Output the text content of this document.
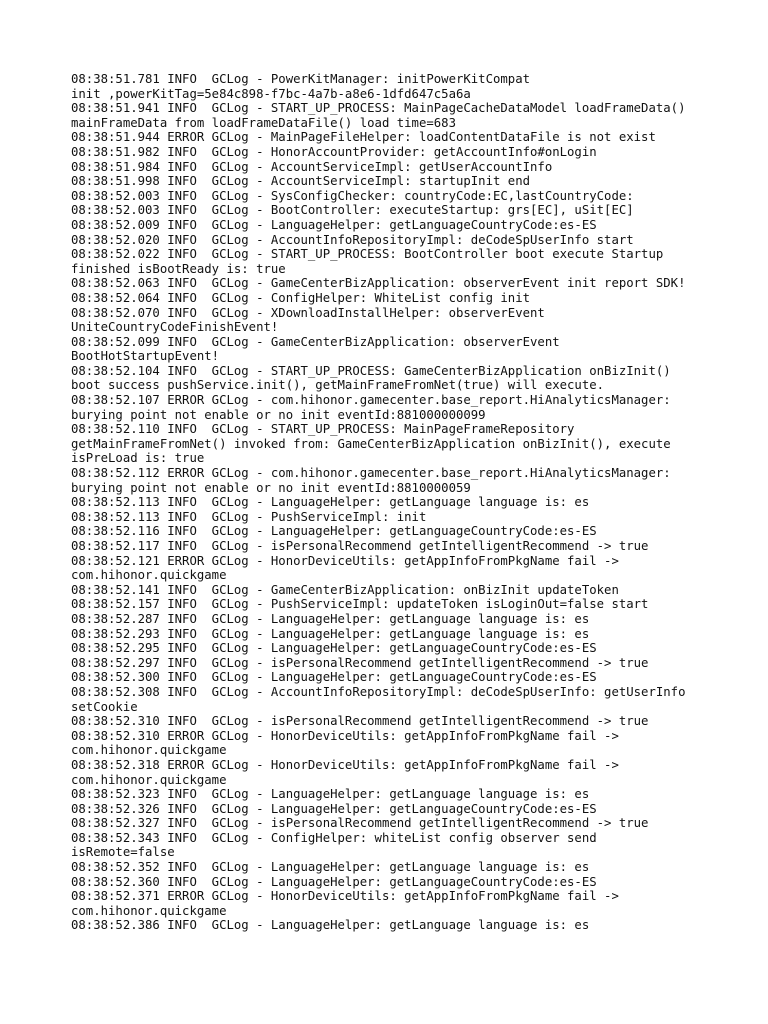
08:38:51.781 INFO  GCLog - PowerKitManager: initPowerKitCompat
init ,powerKitTag=5e84c898-f7bc-4a7b-a8e6-1dfd647c5a6a
08:38:51.941 INFO  GCLog - START_UP_PROCESS: MainPageCacheDataModel loadFrameData()
mainFrameData from loadFrameDataFile() load time=683
08:38:51.944 ERROR GCLog - MainPageFileHelper: loadContentDataFile is not exist
08:38:51.982 INFO  GCLog - HonorAccountProvider: getAccountInfo#onLogin
08:38:51.984 INFO  GCLog - AccountServiceImpl: getUserAccountInfo
08:38:51.998 INFO  GCLog - AccountServiceImpl: startupInit end
08:38:52.003 INFO  GCLog - SysConfigChecker: countryCode:EC,lastCountryCode:
08:38:52.003 INFO  GCLog - BootController: executeStartup: grs[EC], uSit[EC]
08:38:52.009 INFO  GCLog - LanguageHelper: getLanguageCountryCode:es-ES
08:38:52.020 INFO  GCLog - AccountInfoRepositoryImpl: deCodeSpUserInfo start
08:38:52.022 INFO  GCLog - START_UP_PROCESS: BootController boot execute Startup
finished isBootReady is: true
08:38:52.063 INFO  GCLog - GameCenterBizApplication: observerEvent init report SDK!
08:38:52.064 INFO  GCLog - ConfigHelper: WhiteList config init
08:38:52.070 INFO  GCLog - XDownloadInstallHelper: observerEvent
UniteCountryCodeFinishEvent!
08:38:52.099 INFO  GCLog - GameCenterBizApplication: observerEvent
BootHotStartupEvent!
08:38:52.104 INFO  GCLog - START_UP_PROCESS: GameCenterBizApplication onBizInit()
boot success pushService.init(), getMainFrameFromNet(true) will execute.
08:38:52.107 ERROR GCLog - com.hihonor.gamecenter.base_report.HiAnalyticsManager:
burying point not enable or no init eventId:881000000099
08:38:52.110 INFO  GCLog - START_UP_PROCESS: MainPageFrameRepository
getMainFrameFromNet() invoked from: GameCenterBizApplication onBizInit(), execute
isPreLoad is: true
08:38:52.112 ERROR GCLog - com.hihonor.gamecenter.base_report.HiAnalyticsManager:
burying point not enable or no init eventId:8810000059
08:38:52.113 INFO  GCLog - LanguageHelper: getLanguage language is: es
08:38:52.113 INFO  GCLog - PushServiceImpl: init
08:38:52.116 INFO  GCLog - LanguageHelper: getLanguageCountryCode:es-ES
08:38:52.117 INFO  GCLog - isPersonalRecommend getIntelligentRecommend -> true
08:38:52.121 ERROR GCLog - HonorDeviceUtils: getAppInfoFromPkgName fail ->
com.hihonor.quickgame
08:38:52.141 INFO  GCLog - GameCenterBizApplication: onBizInit updateToken
08:38:52.157 INFO  GCLog - PushServiceImpl: updateToken isLoginOut=false start
08:38:52.287 INFO  GCLog - LanguageHelper: getLanguage language is: es
08:38:52.293 INFO  GCLog - LanguageHelper: getLanguage language is: es
08:38:52.295 INFO  GCLog - LanguageHelper: getLanguageCountryCode:es-ES
08:38:52.297 INFO  GCLog - isPersonalRecommend getIntelligentRecommend -> true
08:38:52.300 INFO  GCLog - LanguageHelper: getLanguageCountryCode:es-ES
08:38:52.308 INFO  GCLog - AccountInfoRepositoryImpl: deCodeSpUserInfo: getUserInfo
setCookie
08:38:52.310 INFO  GCLog - isPersonalRecommend getIntelligentRecommend -> true
08:38:52.310 ERROR GCLog - HonorDeviceUtils: getAppInfoFromPkgName fail ->
com.hihonor.quickgame
08:38:52.318 ERROR GCLog - HonorDeviceUtils: getAppInfoFromPkgName fail ->
com.hihonor.quickgame
08:38:52.323 INFO  GCLog - LanguageHelper: getLanguage language is: es
08:38:52.326 INFO  GCLog - LanguageHelper: getLanguageCountryCode:es-ES
08:38:52.327 INFO  GCLog - isPersonalRecommend getIntelligentRecommend -> true
08:38:52.343 INFO  GCLog - ConfigHelper: whiteList config observer send
isRemote=false
08:38:52.352 INFO  GCLog - LanguageHelper: getLanguage language is: es
08:38:52.360 INFO  GCLog - LanguageHelper: getLanguageCountryCode:es-ES
08:38:52.371 ERROR GCLog - HonorDeviceUtils: getAppInfoFromPkgName fail ->
com.hihonor.quickgame
08:38:52.386 INFO  GCLog - LanguageHelper: getLanguage language is: es
